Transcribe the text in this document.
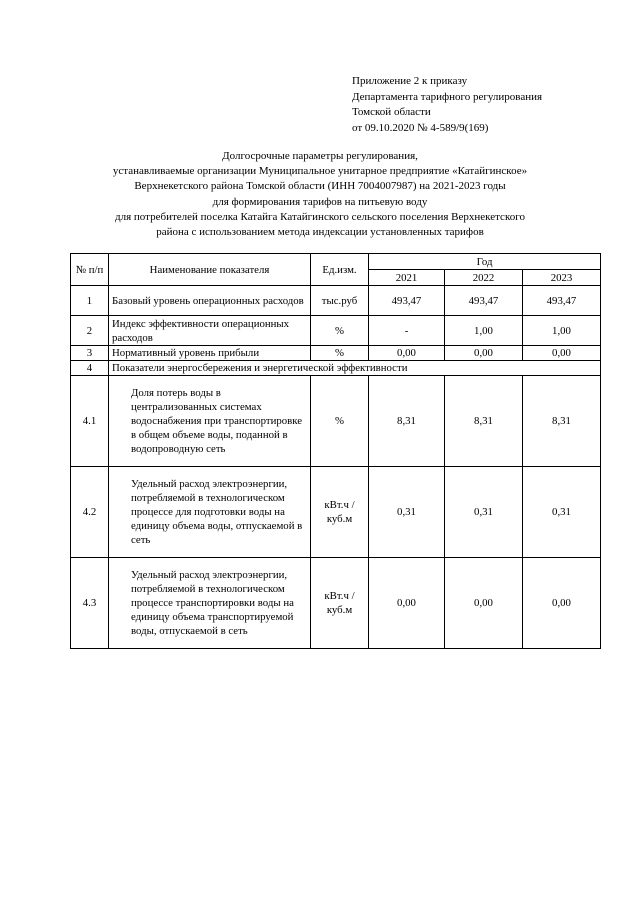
Приложение 2 к приказу
Департамента тарифного регулирования
Томской области
от 09.10.2020 № 4-589/9(169)
Долгосрочные параметры регулирования,
устанавливаемые организации Муниципальное унитарное предприятие «Катайгинское»
Верхнекетского района Томской области (ИНН 7004007987) на 2021-2023 годы
для формирования тарифов на питьевую воду
для потребителей поселка Катайга Катайгинского сельского поселения Верхнекетского
района с использованием метода индексации установленных тарифов
№ п/п	Наименование показателя	Ед.изм.	Год		
			2021	2022	2023
1	Базовый уровень операционных расходов	тыс.руб	493,47	493,47	493,47
2	Индекс эффективности операционных расходов	%	-	1,00	1,00
3	Нормативный уровень прибыли	%	0,00	0,00	0,00
4	Показатели энергосбережения и энергетической эффективности				
4.1	Доля потерь воды в централизованных системах водоснабжения при транспортировке в общем объеме воды, поданной в водопроводную сеть	%	8,31	8,31	8,31
4.2	Удельный расход электроэнергии, потребляемой в технологическом процессе для подготовки воды на единицу объема воды, отпускаемой в сеть	кВт.ч / куб.м	0,31	0,31	0,31
4.3	Удельный расход электроэнергии, потребляемой в технологическом процессе транспортировки воды на единицу объема транспортируемой воды, отпускаемой в сеть	кВт.ч / куб.м	0,00	0,00	0,00
